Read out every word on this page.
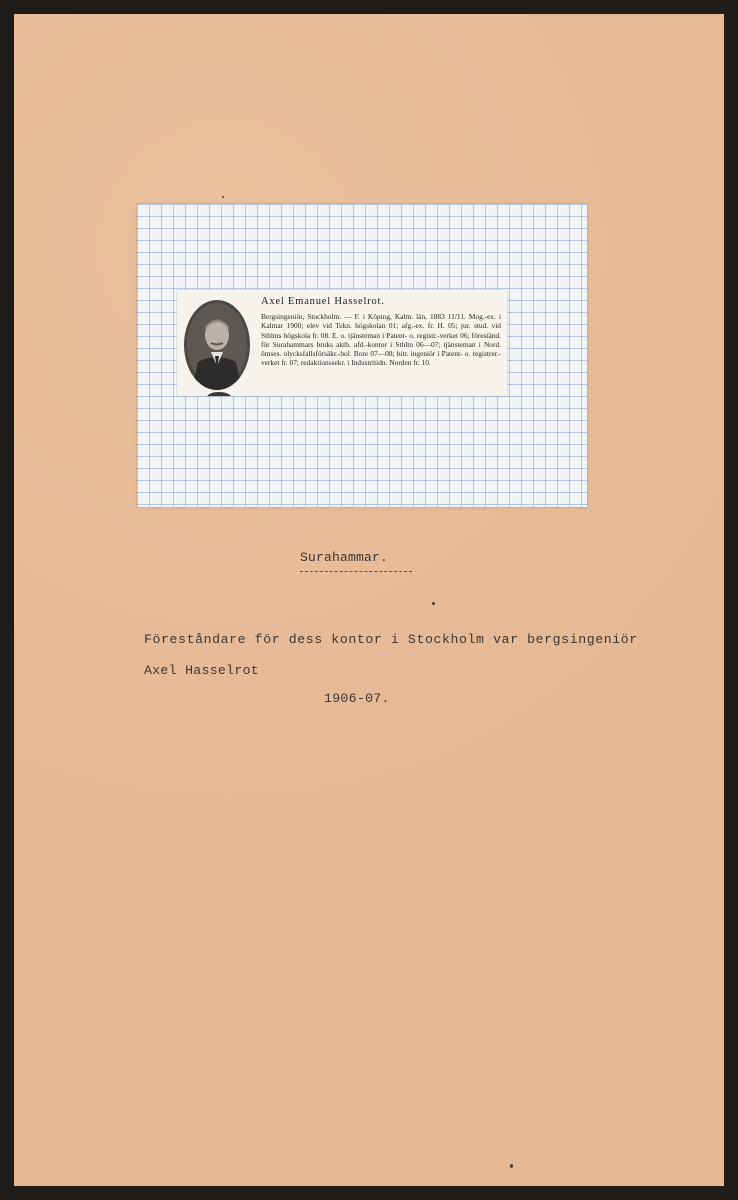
Axel Emanuel Hasselrot.
Bergsingeniör, Stockholm. — F. i Köping, Kalm. län, 1883 11/11. Mog.-ex. i Kalmar 1900; elev vid Tekn. högskolan 01; afg.-ex. fr. H. 05; jur. stud. vid Sthlms högskola fr. 08. E. o. tjänsteman i Patent- o. registr.-verket 06; föreständ. för Surahammars bruks aktb. afd.-kontor i Sthlm 06—07; tjänsteman i Nord. ömses. olycksfallsförsäkr.-bol. Bore 07—08; bitr. ingeniör i Patent- o. registrer.-verket fr. 07; redaktionssekr. i Industritidn. Norden fr. 10.
Surahammar.
Föreståndare för dess kontor i Stockholm var bergsingeniör
Axel Hasselrot
1906-07.
